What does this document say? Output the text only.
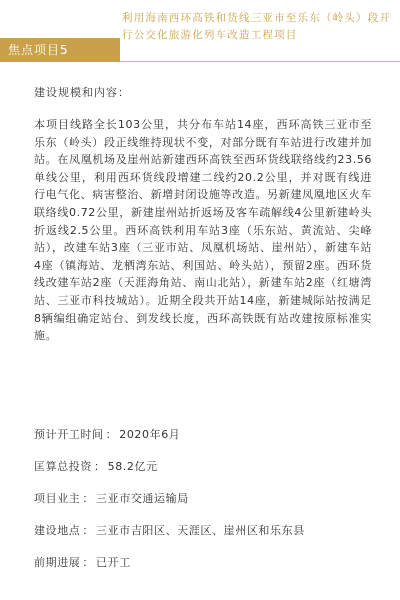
利用海南西环高铁和货线三亚市至乐东（岭头）段开行公交化旅游化列车改造工程项目
焦点项目5
建设规模和内容：
本项目线路全长103公里，共分布车站14座，西环高铁三亚市至乐东（岭头）段正线维持现状不变，对部分既有车站进行改建并加站。在凤凰机场及崖州站新建西环高铁至西环货线联络线约23.56单线公里，利用西环货线段增建二线约20.2公里，并对既有线进行电气化、病害整治、新增封闭设施等改造。另新建凤凰地区火车联络线0.72公里，新建崖州站折返场及客车疏解线4公里新建岭头折返线2.5公里。西环高铁利用车站3座（乐东站、黄流站、尖峰站），改建车站3座（三亚市站、凤凰机场站、崖州站），新建车站4座（镇海站、龙栖湾东站、利国站、岭头站），预留2座。西环货线改建车站2座（天涯海角站、南山北站），新建车站2座（红塘湾站、三亚市科技城站）。近期全段共开站14座，新建城际站按满足8辆编组确定站台、到发线长度，西环高铁既有站改建按原标准实施。
预计开工时间 ： 2020年6月
匡算总投资 ： 58.2亿元
项目业主 ： 三亚市交通运输局
建设地点 ： 三亚市吉阳区、天涯区、崖州区和乐东县
前期进展 ： 已开工
